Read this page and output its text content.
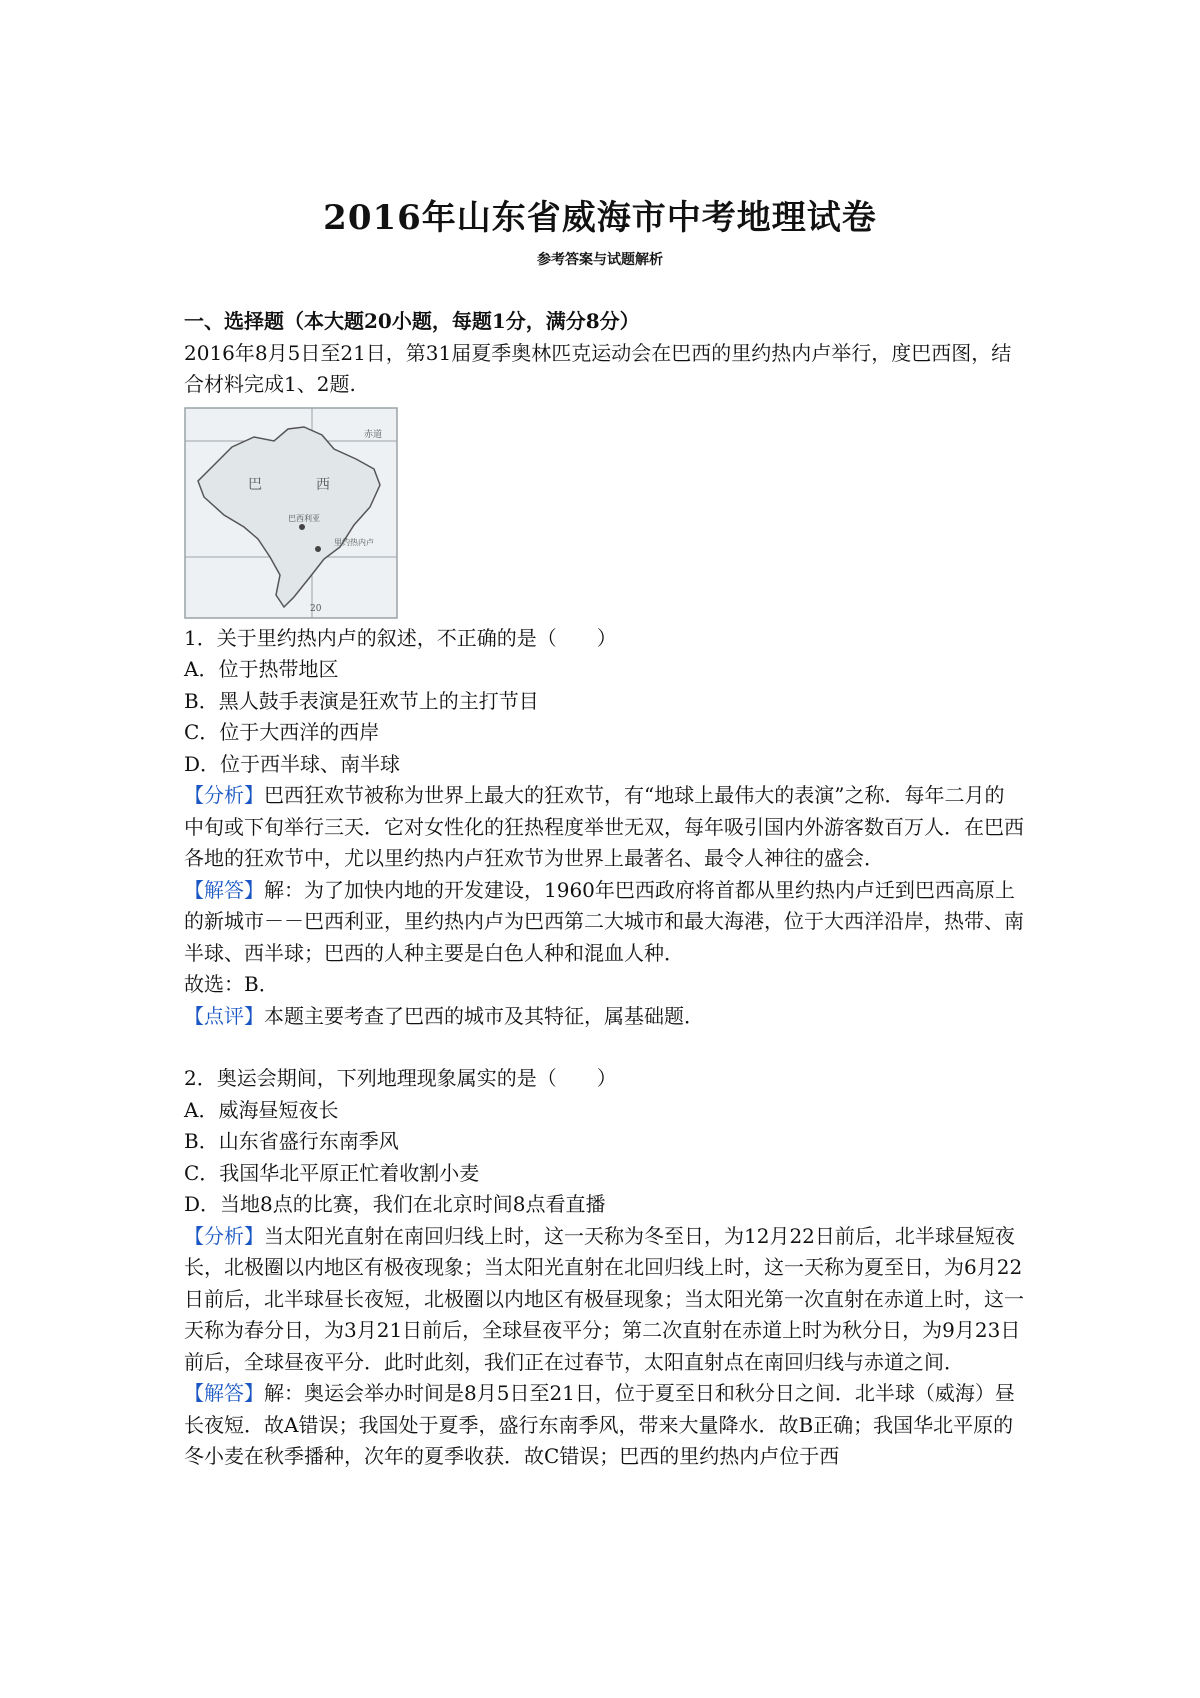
2016年山东省威海市中考地理试卷
参考答案与试题解析

一、选择题（本大题20小题，每题1分，满分8分）

2016年8月5日至21日，第31届夏季奥林匹克运动会在巴西的里约热内卢举行，度巴西图，结合材料完成1、2题.

赤道
巴	西
巴西利亚
里约热内卢
20

1．关于里约热内卢的叙述，不正确的是（　　）

A．位于热带地区

B．黑人鼓手表演是狂欢节上的主打节目

C．位于大西洋的西岸

D．位于西半球、南半球

【分析】巴西狂欢节被称为世界上最大的狂欢节，有“地球上最伟大的表演”之称．每年二月的中旬或下旬举行三天．它对女性化的狂热程度举世无双，每年吸引国内外游客数百万人．在巴西各地的狂欢节中，尤以里约热内卢狂欢节为世界上最著名、最令人神往的盛会．

【解答】解：为了加快内地的开发建设，1960年巴西政府将首都从里约热内卢迁到巴西高原上的新城市－－巴西利亚，里约热内卢为巴西第二大城市和最大海港，位于大西洋沿岸，热带、南半球、西半球；巴西的人种主要是白色人种和混血人种．

故选：B．

【点评】本题主要考查了巴西的城市及其特征，属基础题．

2．奥运会期间，下列地理现象属实的是（　　）

A．威海昼短夜长

B．山东省盛行东南季风

C．我国华北平原正忙着收割小麦

D．当地8点的比赛，我们在北京时间8点看直播

【分析】当太阳光直射在南回归线上时，这一天称为冬至日，为12月22日前后，北半球昼短夜长，北极圈以内地区有极夜现象；当太阳光直射在北回归线上时，这一天称为夏至日，为6月22日前后，北半球昼长夜短，北极圈以内地区有极昼现象；当太阳光第一次直射在赤道上时，这一天称为春分日，为3月21日前后，全球昼夜平分；第二次直射在赤道上时为秋分日，为9月23日前后，全球昼夜平分．此时此刻，我们正在过春节，太阳直射点在南回归线与赤道之间．

【解答】解：奥运会举办时间是8月5日至21日，位于夏至日和秋分日之间．北半球（威海）昼长夜短．故A错误；我国处于夏季，盛行东南季风，带来大量降水．故B正确；我国华北平原的冬小麦在秋季播种，次年的夏季收获．故C错误；巴西的里约热内卢位于西
